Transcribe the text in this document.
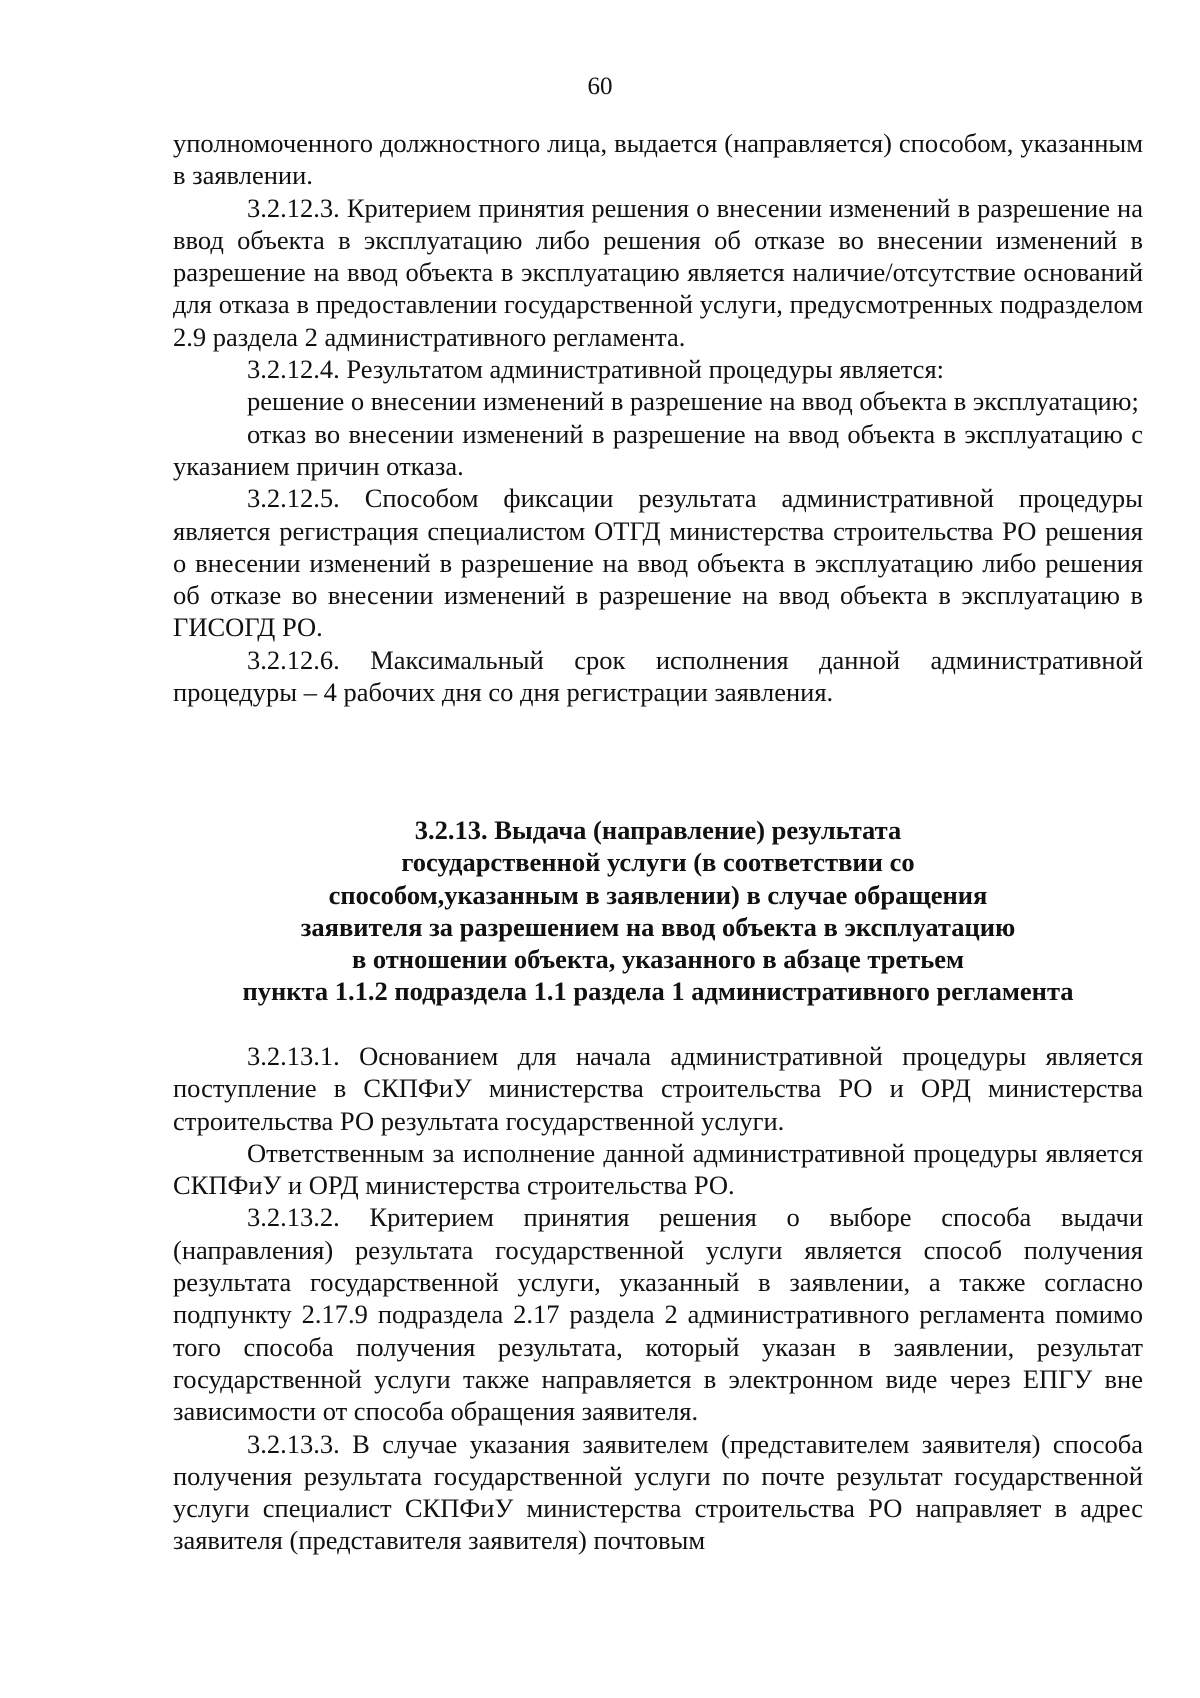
60

уполномоченного должностного лица, выдается (направляется) способом, указанным в заявлении.

3.2.12.3. Критерием принятия решения о внесении изменений в разрешение на ввод объекта в эксплуатацию либо решения об отказе во внесении изменений в разрешение на ввод объекта в эксплуатацию является наличие/отсутствие оснований для отказа в предоставлении государственной услуги, предусмотренных подразделом 2.9 раздела 2 административного регламента.

3.2.12.4. Результатом административной процедуры является:

решение о внесении изменений в разрешение на ввод объекта в эксплуатацию;

отказ во внесении изменений в разрешение на ввод объекта в эксплуатацию с указанием причин отказа.

3.2.12.5. Способом фиксации результата административной процедуры является регистрация специалистом ОТГД министерства строительства РО решения о внесении изменений в разрешение на ввод объекта в эксплуатацию либо решения об отказе во внесении изменений в разрешение на ввод объекта в эксплуатацию в ГИСОГД РО.

3.2.12.6. Максимальный срок исполнения данной административной процедуры – 4 рабочих дня со дня регистрации заявления.

3.2.13. Выдача (направление) результата
государственной услуги (в соответствии со
способом,указанным в заявлении) в случае обращения
заявителя за разрешением на ввод объекта в эксплуатацию
в отношении объекта, указанного в абзаце третьем
пункта 1.1.2 подраздела 1.1 раздела 1 административного регламента

3.2.13.1. Основанием для начала административной процедуры является поступление в СКПФиУ министерства строительства РО и ОРД министерства строительства РО результата государственной услуги.

Ответственным за исполнение данной административной процедуры является СКПФиУ и ОРД министерства строительства РО.

3.2.13.2. Критерием принятия решения о выборе способа выдачи (направления) результата государственной услуги является способ получения результата государственной услуги, указанный в заявлении, а также согласно подпункту 2.17.9 подраздела 2.17 раздела 2 административного регламента помимо того способа получения результата, который указан в заявлении, результат государственной услуги также направляется в электронном виде через ЕПГУ вне зависимости от способа обращения заявителя.

3.2.13.3. В случае указания заявителем (представителем заявителя) способа получения результата государственной услуги по почте результат государственной услуги специалист СКПФиУ министерства строительства РО направляет в адрес заявителя (представителя заявителя) почтовым
